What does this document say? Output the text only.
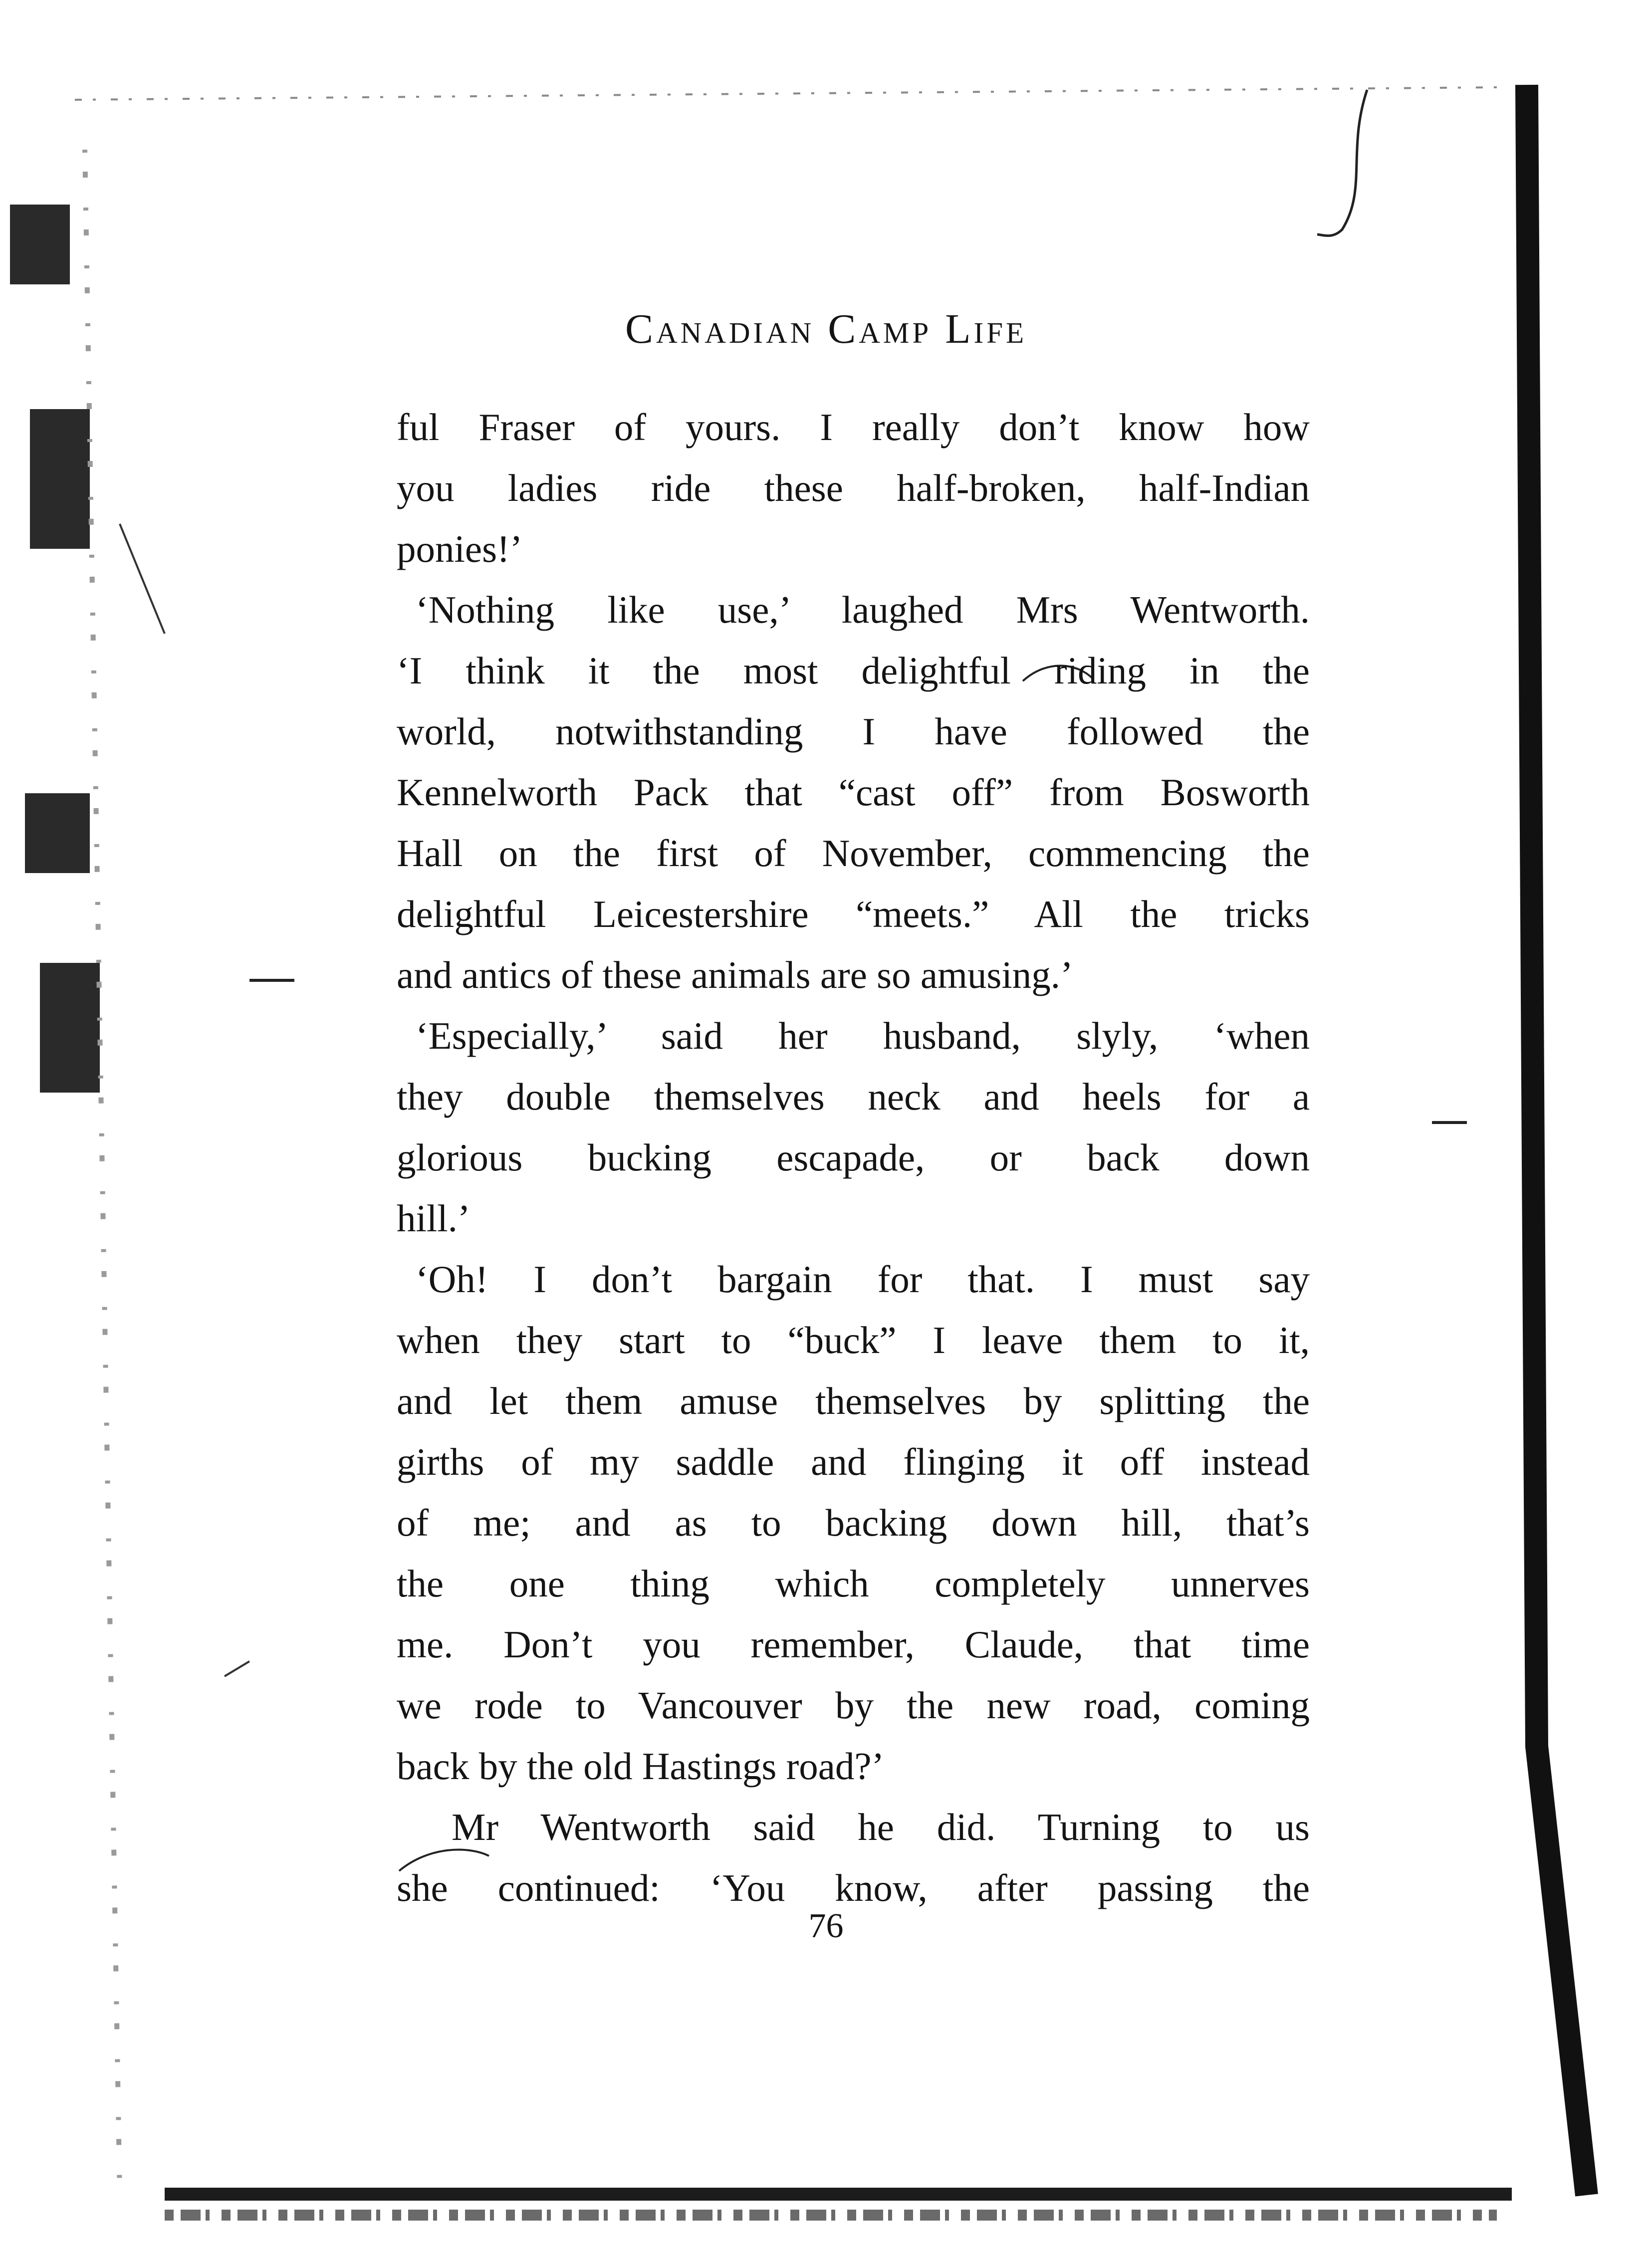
Canadian Camp Life
ful Fraser of yours. I really don’t know how
you ladies ride these half-broken, half-Indian
ponies!’
‘Nothing like use,’ laughed Mrs Wentworth.
‘I think it the most delightful riding in the
world, notwithstanding I have followed the
Kennelworth Pack that “cast off” from Bosworth
Hall on the first of November, commencing the
delightful Leicestershire “meets.” All the tricks
and antics of these animals are so amusing.’
‘Especially,’ said her husband, slyly, ‘when
they double themselves neck and heels for a
glorious bucking escapade, or back down
hill.’
‘Oh! I don’t bargain for that. I must say
when they start to “buck” I leave them to it,
and let them amuse themselves by splitting the
girths of my saddle and flinging it off instead
of me; and as to backing down hill, that’s
the one thing which completely unnerves
me. Don’t you remember, Claude, that time
we rode to Vancouver by the new road, coming
back by the old Hastings road?’
Mr Wentworth said he did. Turning to us
she continued: ‘You know, after passing the
76
